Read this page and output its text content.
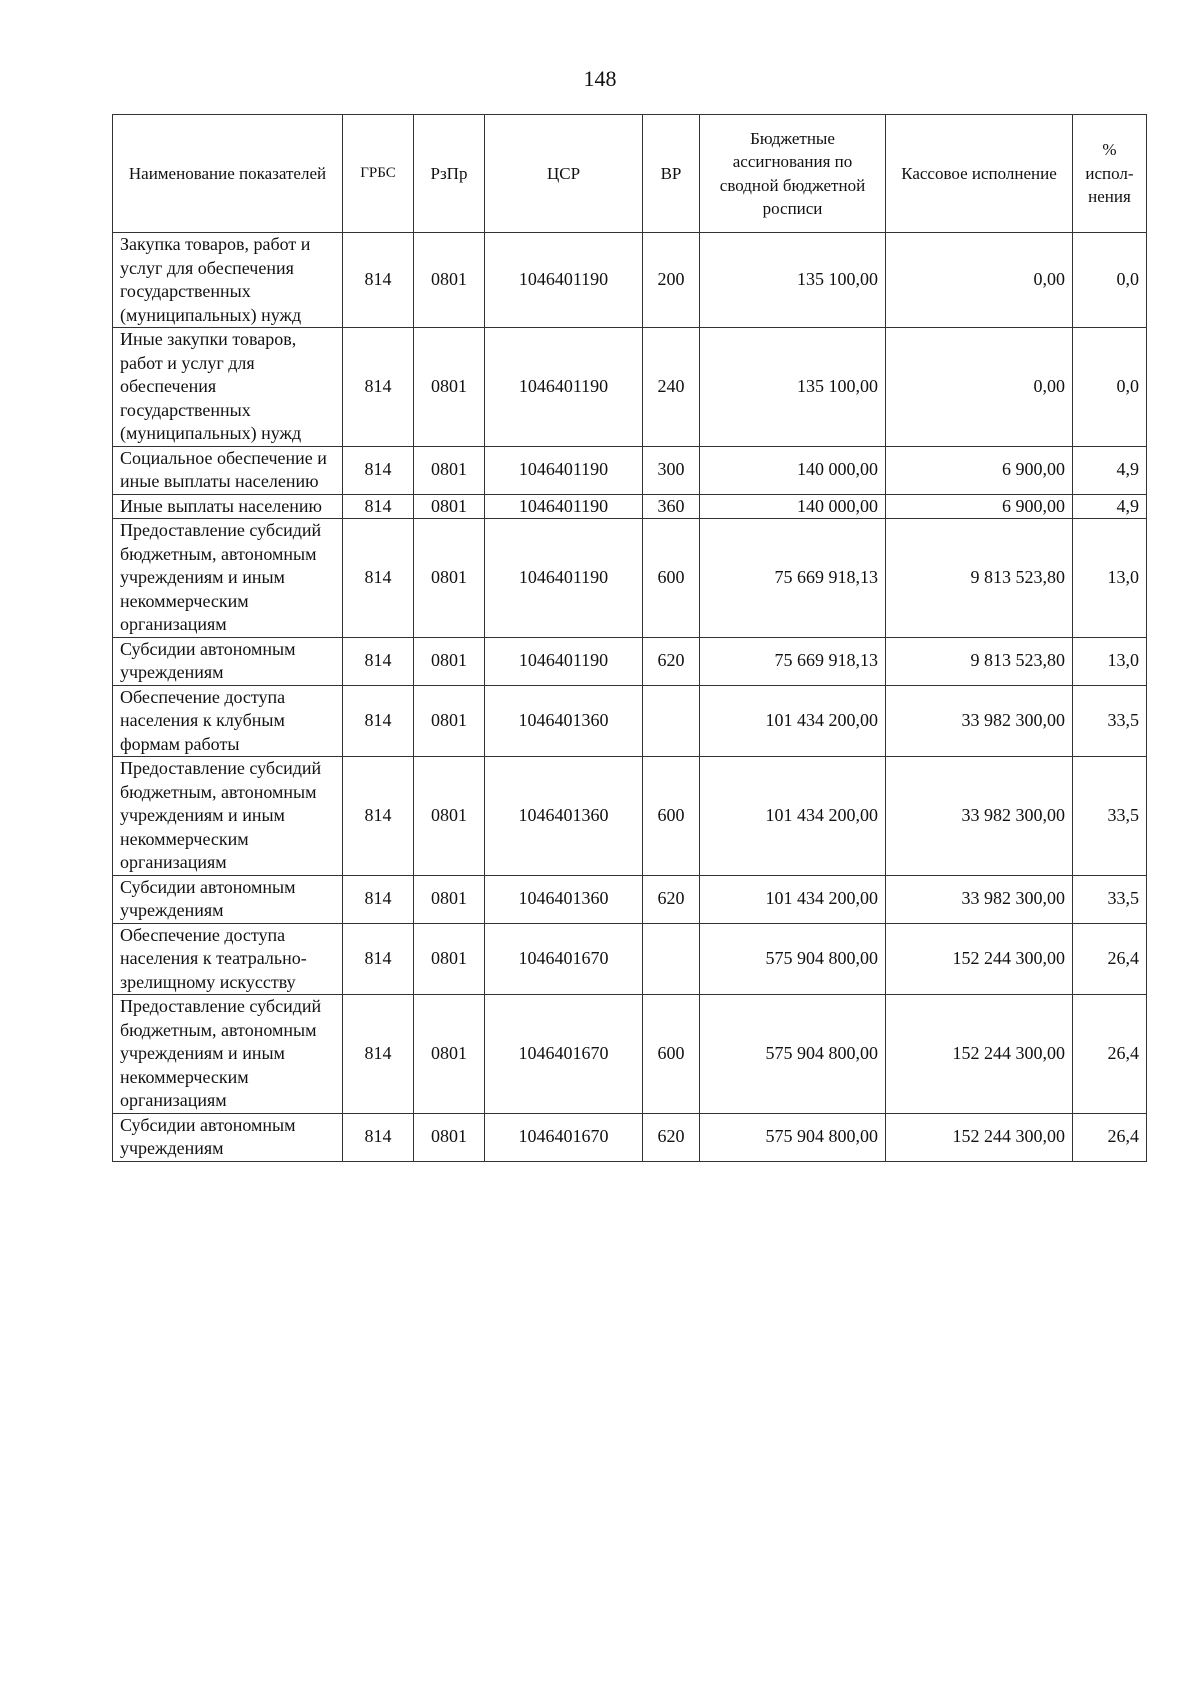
148
Наименование показателей	ГРБС	РзПр	ЦСР	ВР	Бюджетные ассигнования по сводной бюджетной росписи	Кассовое исполнение	% испол-нения
Закупка товаров, работ и услуг для обеспечения государственных (муниципальных) нужд	814	0801	1046401190	200	135 100,00	0,00	0,0
Иные закупки товаров, работ и услуг для обеспечения государственных (муниципальных) нужд	814	0801	1046401190	240	135 100,00	0,00	0,0
Социальное обеспечение и иные выплаты населению	814	0801	1046401190	300	140 000,00	6 900,00	4,9
Иные выплаты населению	814	0801	1046401190	360	140 000,00	6 900,00	4,9
Предоставление субсидий бюджетным, автономным учреждениям и иным некоммерческим организациям	814	0801	1046401190	600	75 669 918,13	9 813 523,80	13,0
Субсидии автономным учреждениям	814	0801	1046401190	620	75 669 918,13	9 813 523,80	13,0
Обеспечение доступа населения к клубным формам работы	814	0801	1046401360		101 434 200,00	33 982 300,00	33,5
Предоставление субсидий бюджетным, автономным учреждениям и иным некоммерческим организациям	814	0801	1046401360	600	101 434 200,00	33 982 300,00	33,5
Субсидии автономным учреждениям	814	0801	1046401360	620	101 434 200,00	33 982 300,00	33,5
Обеспечение доступа населения к театрально-зрелищному искусству	814	0801	1046401670		575 904 800,00	152 244 300,00	26,4
Предоставление субсидий бюджетным, автономным учреждениям и иным некоммерческим организациям	814	0801	1046401670	600	575 904 800,00	152 244 300,00	26,4
Субсидии автономным учреждениям	814	0801	1046401670	620	575 904 800,00	152 244 300,00	26,4
